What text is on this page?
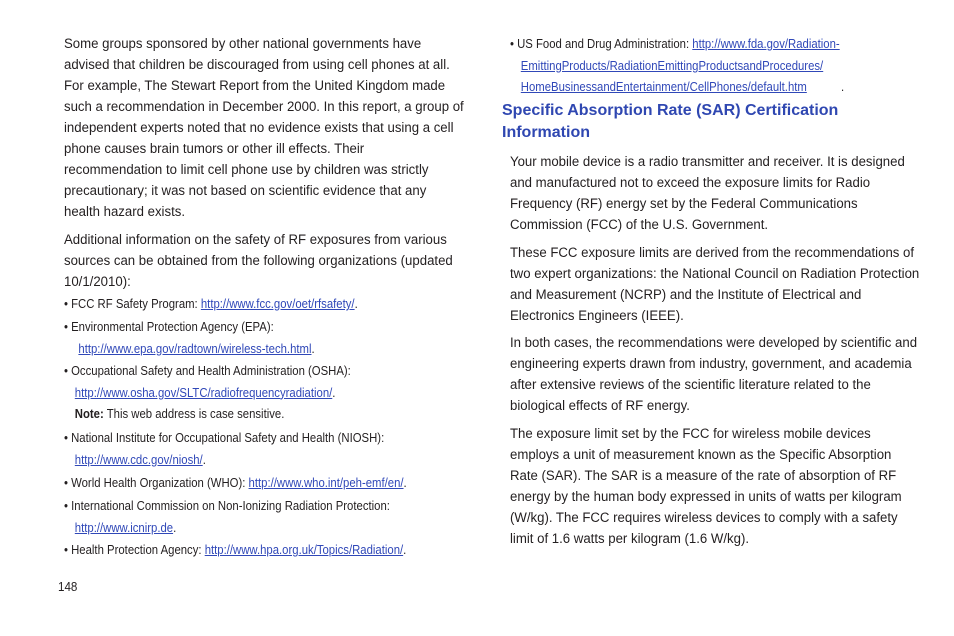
Some groups sponsored by other national governments have advised that children be discouraged from using cell phones at all. For example, The Stewart Report from the United Kingdom made such a recommendation in December 2000. In this report, a group of independent experts noted that no evidence exists that using a cell phone causes brain tumors or other ill effects. Their recommendation to limit cell phone use by children was strictly precautionary; it was not based on scientific evidence that any health hazard exists.

Additional information on the safety of RF exposures from various sources can be obtained from the following organizations (updated 10/1/2010):

• FCC RF Safety Program: http://www.fcc.gov/oet/rfsafety/.
• Environmental Protection Agency (EPA):
http://www.epa.gov/radtown/wireless-tech.html.
• Occupational Safety and Health Administration (OSHA):
http://www.osha.gov/SLTC/radiofrequencyradiation/.
Note: This web address is case sensitive.
• National Institute for Occupational Safety and Health (NIOSH):
http://www.cdc.gov/niosh/.
• World Health Organization (WHO): http://www.who.int/peh-emf/en/.
• International Commission on Non-Ionizing Radiation Protection:
http://www.icnirp.de.
• Health Protection Agency: http://www.hpa.org.uk/Topics/Radiation/.
• US Food and Drug Administration: http://www.fda.gov/Radiation-
EmittingProducts/RadiationEmittingProductsandProcedures/
HomeBusinessandEntertainment/CellPhones/default.htm	.
Specific Absorption Rate (SAR) Certification Information

Your mobile device is a radio transmitter and receiver. It is designed and manufactured not to exceed the exposure limits for Radio Frequency (RF) energy set by the Federal Communications Commission (FCC) of the U.S. Government.

These FCC exposure limits are derived from the recommendations of two expert organizations: the National Council on Radiation Protection and Measurement (NCRP) and the Institute of Electrical and Electronics Engineers (IEEE).

In both cases, the recommendations were developed by scientific and engineering experts drawn from industry, government, and academia after extensive reviews of the scientific literature related to the biological effects of RF energy.

The exposure limit set by the FCC for wireless mobile devices employs a unit of measurement known as the Specific Absorption Rate (SAR). The SAR is a measure of the rate of absorption of RF energy by the human body expressed in units of watts per kilogram (W/kg). The FCC requires wireless devices to comply with a safety limit of 1.6 watts per kilogram (1.6 W/kg).

148
